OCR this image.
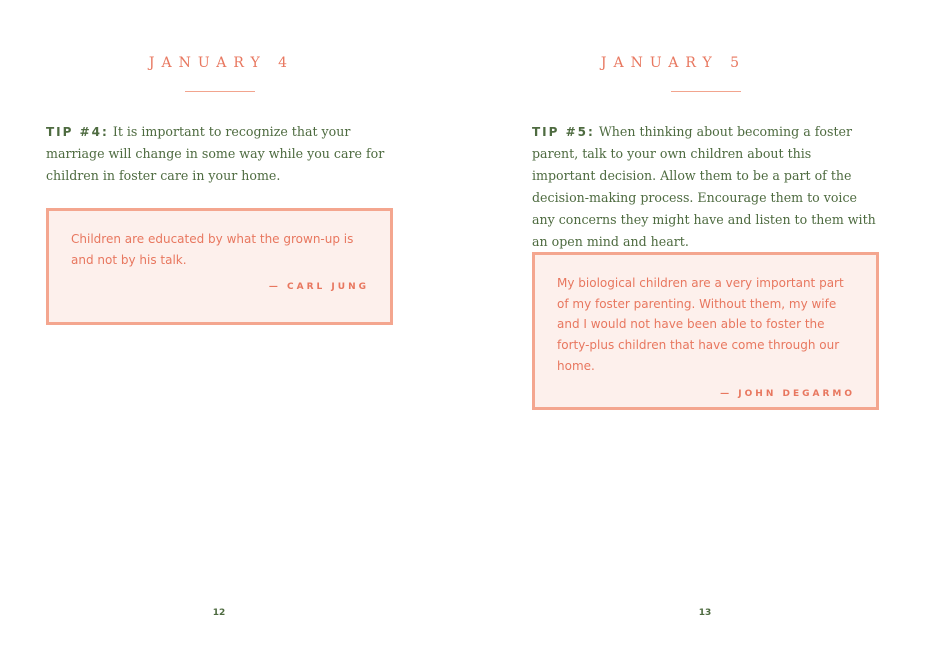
JANUARY 4

TIP #4: It is important to recognize that your marriage will change in some way while you care for children in foster care in your home.

Children are educated by what the grown-up is and not by his talk.

— CARL JUNG

12
JANUARY 5

TIP #5: When thinking about becoming a foster parent, talk to your own children about this important decision. Allow them to be a part of the decision-making process. Encourage them to voice any concerns they might have and listen to them with an open mind and heart.

My biological children are a very important part of my foster parenting. Without them, my wife and I would not have been able to foster the forty-plus children that have come through our home.

— JOHN DEGARMO

13
